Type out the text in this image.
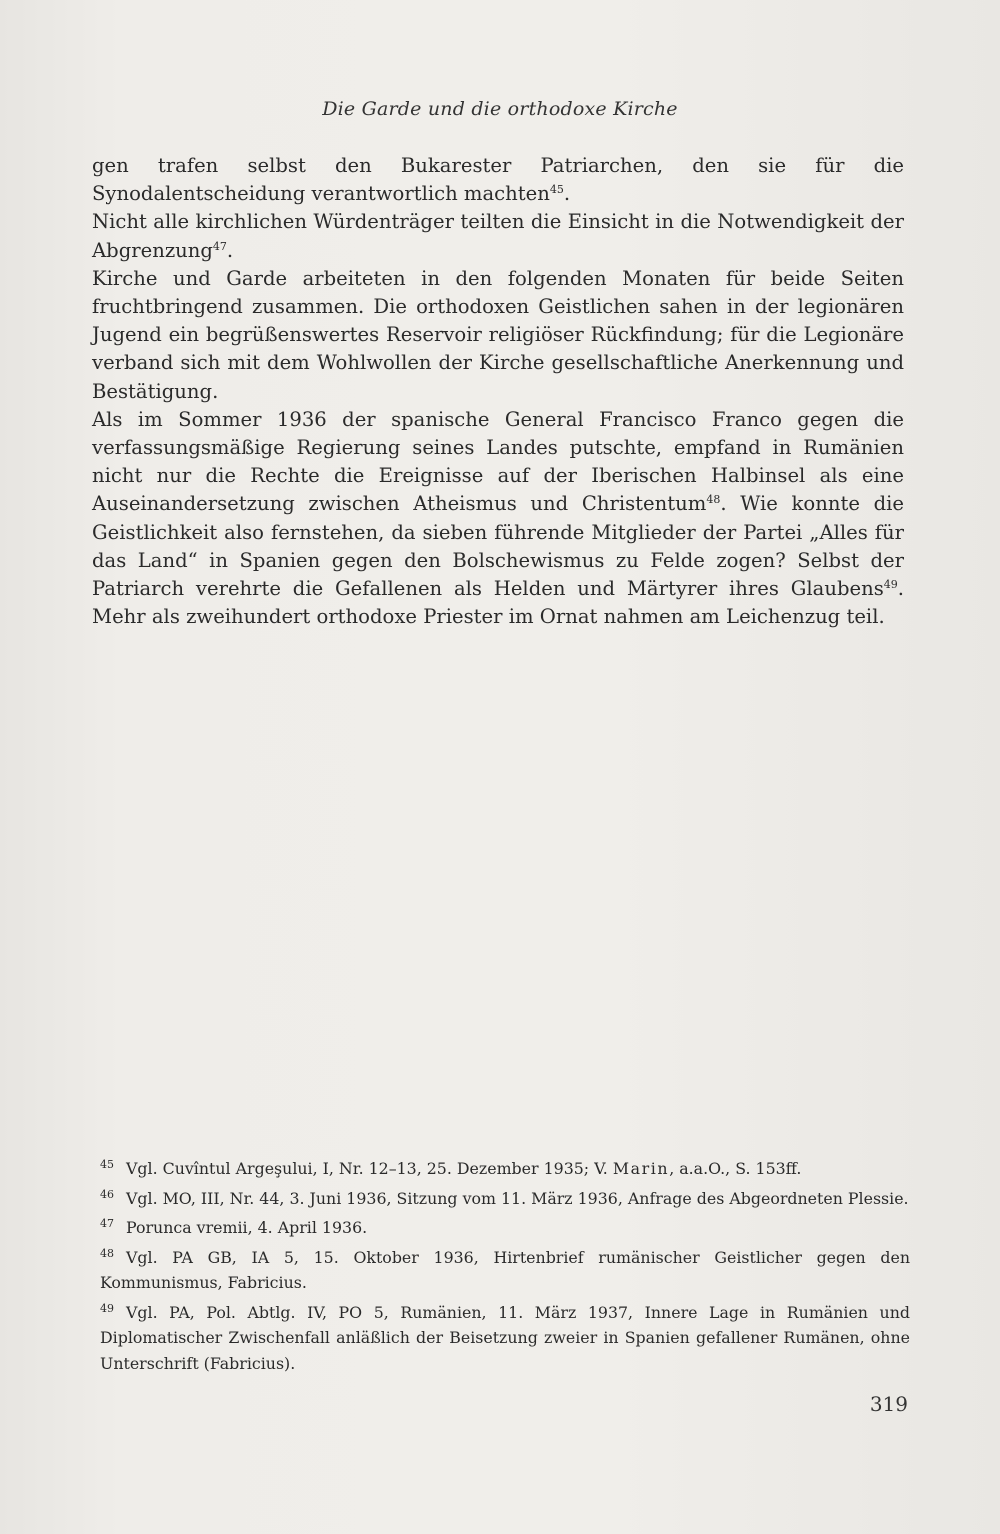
Die Garde und die orthodoxe Kirche

gen trafen selbst den Bukarester Patriarchen, den sie für die Synodalentscheidung verantwortlich machten$^{45}$.

Nicht alle kirchlichen Würdenträger teilten die Einsicht in die Notwendigkeit der Abgrenzung$^{47}$.

Kirche und Garde arbeiteten in den folgenden Monaten für beide Seiten fruchtbringend zusammen. Die orthodoxen Geistlichen sahen in der legionären Jugend ein begrüßenswertes Reservoir religiöser Rückfindung; für die Legionäre verband sich mit dem Wohlwollen der Kirche gesellschaftliche Anerkennung und Bestätigung.

Als im Sommer 1936 der spanische General Francisco Franco gegen die verfassungsmäßige Regierung seines Landes putschte, empfand in Rumänien nicht nur die Rechte die Ereignisse auf der Iberischen Halbinsel als eine Auseinandersetzung zwischen Atheismus und Christentum$^{48}$. Wie konnte die Geistlichkeit also fernstehen, da sieben führende Mitglieder der Partei „Alles für das Land“ in Spanien gegen den Bolschewismus zu Felde zogen? Selbst der Patriarch verehrte die Gefallenen als Helden und Märtyrer ihres Glaubens$^{49}$. Mehr als zweihundert orthodoxe Priester im Ornat nahmen am Leichenzug teil.

45 Vgl. Cuvîntul Argeşului, I, Nr. 12–13, 25. Dezember 1935; V. Marin, a.a.O., S. 153ff.

46 Vgl. MO, III, Nr. 44, 3. Juni 1936, Sitzung vom 11. März 1936, Anfrage des Abgeordneten Plessie.

47 Porunca vremii, 4. April 1936.

48 Vgl. PA GB, IA 5, 15. Oktober 1936, Hirtenbrief rumänischer Geistlicher gegen den Kommunismus, Fabricius.

49 Vgl. PA, Pol. Abtlg. IV, PO 5, Rumänien, 11. März 1937, Innere Lage in Rumänien und Diplomatischer Zwischenfall anläßlich der Beisetzung zweier in Spanien gefallener Rumänen, ohne Unterschrift (Fabricius).

319
